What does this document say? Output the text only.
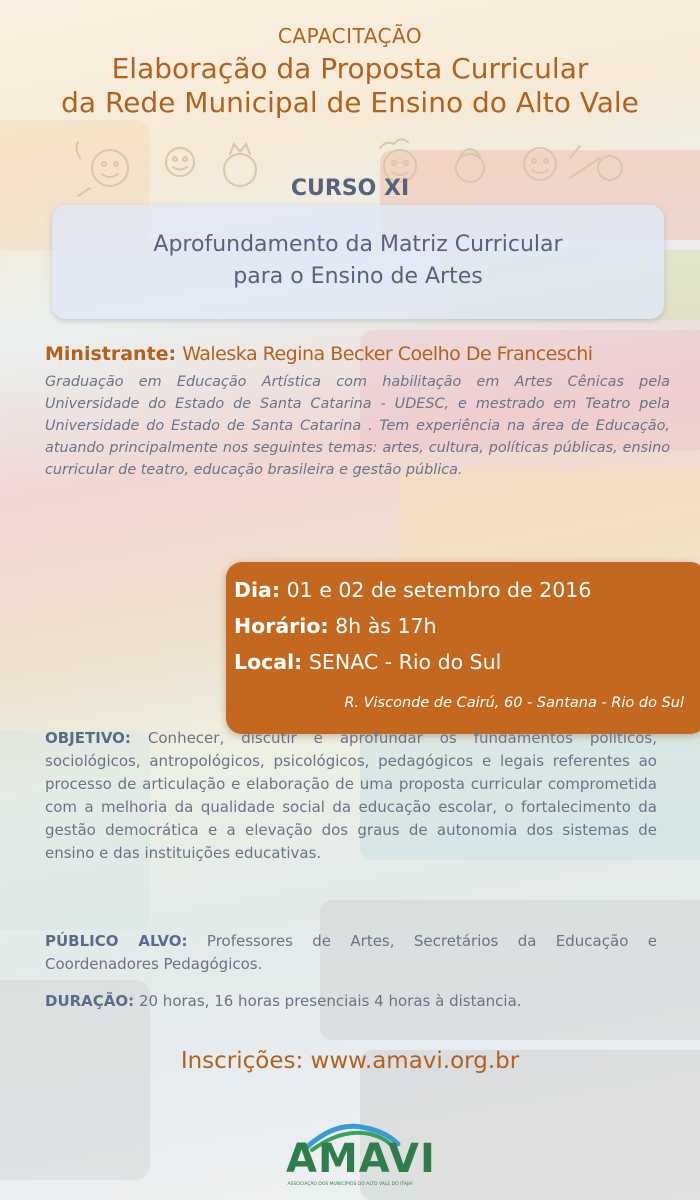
CAPACITAÇÃO
Elaboração da Proposta Curricular
da Rede Municipal de Ensino do Alto Vale
CURSO XI
Aprofundamento da Matriz Curricular
para o Ensino de Artes
Ministrante: Waleska Regina Becker Coelho De Franceschi
Graduação em Educação Artística com habilitação em Artes Cênicas pela Universidade do Estado de Santa Catarina - UDESC, e mestrado em Teatro pela Universidade do Estado de Santa Catarina . Tem experiência na área de Educação, atuando principalmente nos seguintes temas: artes, cultura, políticas públicas, ensino curricular de teatro, educação brasileira e gestão pública.
Dia: 01 e 02 de setembro de 2016
Horário: 8h às 17h
Local: SENAC - Rio do Sul
R. Visconde de Cairú, 60 - Santana - Rio do Sul
OBJETIVO: Conhecer, discutir e aprofundar os fundamentos políticos, sociológicos, antropológicos, psicológicos, pedagógicos e legais referentes ao processo de articulação e elaboração de uma proposta curricular comprometida com a melhoria da qualidade social da educação escolar, o fortalecimento da gestão democrática e a elevação dos graus de autonomia dos sistemas de ensino e das instituições educativas.
PÚBLICO ALVO: Professores de Artes, Secretários da Educação e Coordenadores Pedagógicos.
DURAÇÃO: 20 horas, 16 horas presenciais 4 horas à distancia.
Inscrições: www.amavi.org.br
AMAVI
ASSOCIAÇÃO DOS MUNICÍPIOS DO ALTO VALE DO ITAJAÍ
